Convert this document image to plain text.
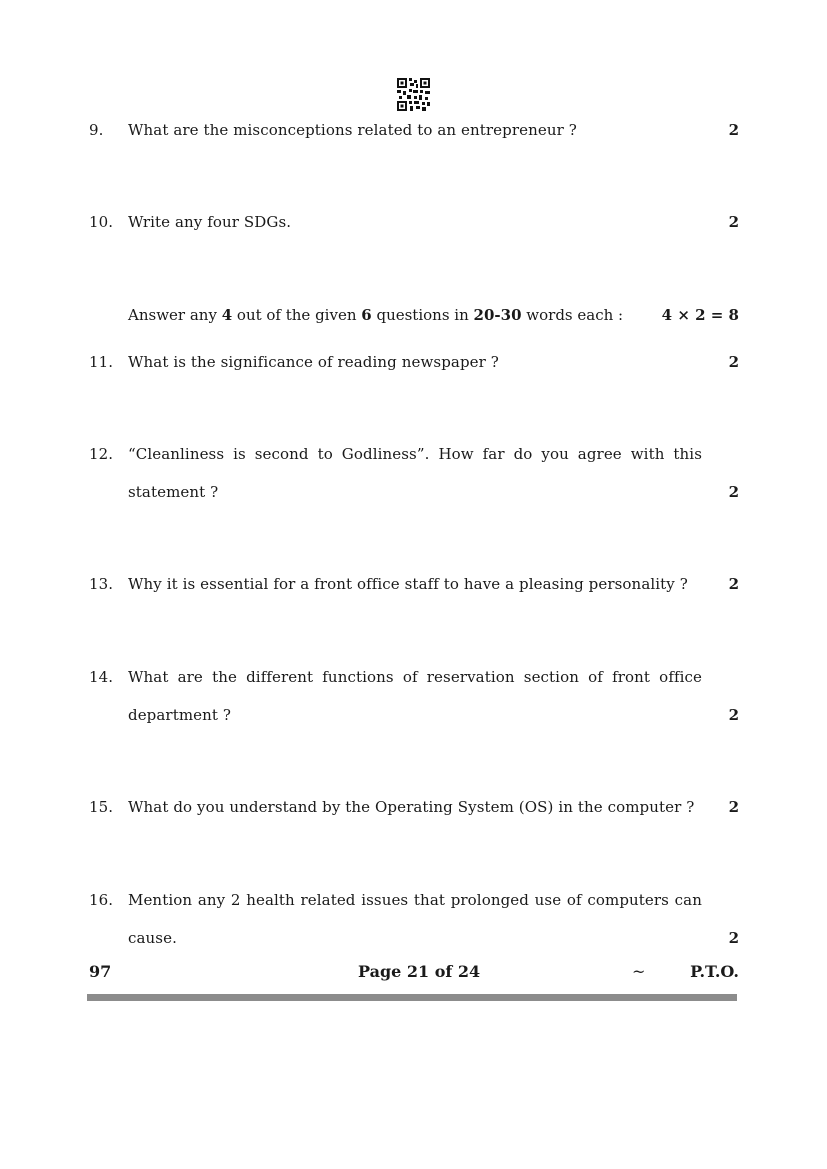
9. What are the misconceptions related to an entrepreneur ?	2
10. Write any four SDGs.	2
Answer any 4 out of the given 6 questions in 20-30 words each :	4 × 2 = 8
11. What is the significance of reading newspaper ?	2
12. “Cleanliness is second to Godliness”. How far do you agree with this
statement ?	2
13. Why it is essential for a front office staff to have a pleasing personality ?	2
14. What are the different functions of reservation section of front office
department ?	2
15. What do you understand by the Operating System (OS) in the computer ? 2
16. Mention any 2 health related issues that prolonged use of computers can
cause.	2
97	Page 21 of 24	~	P.T.O.
